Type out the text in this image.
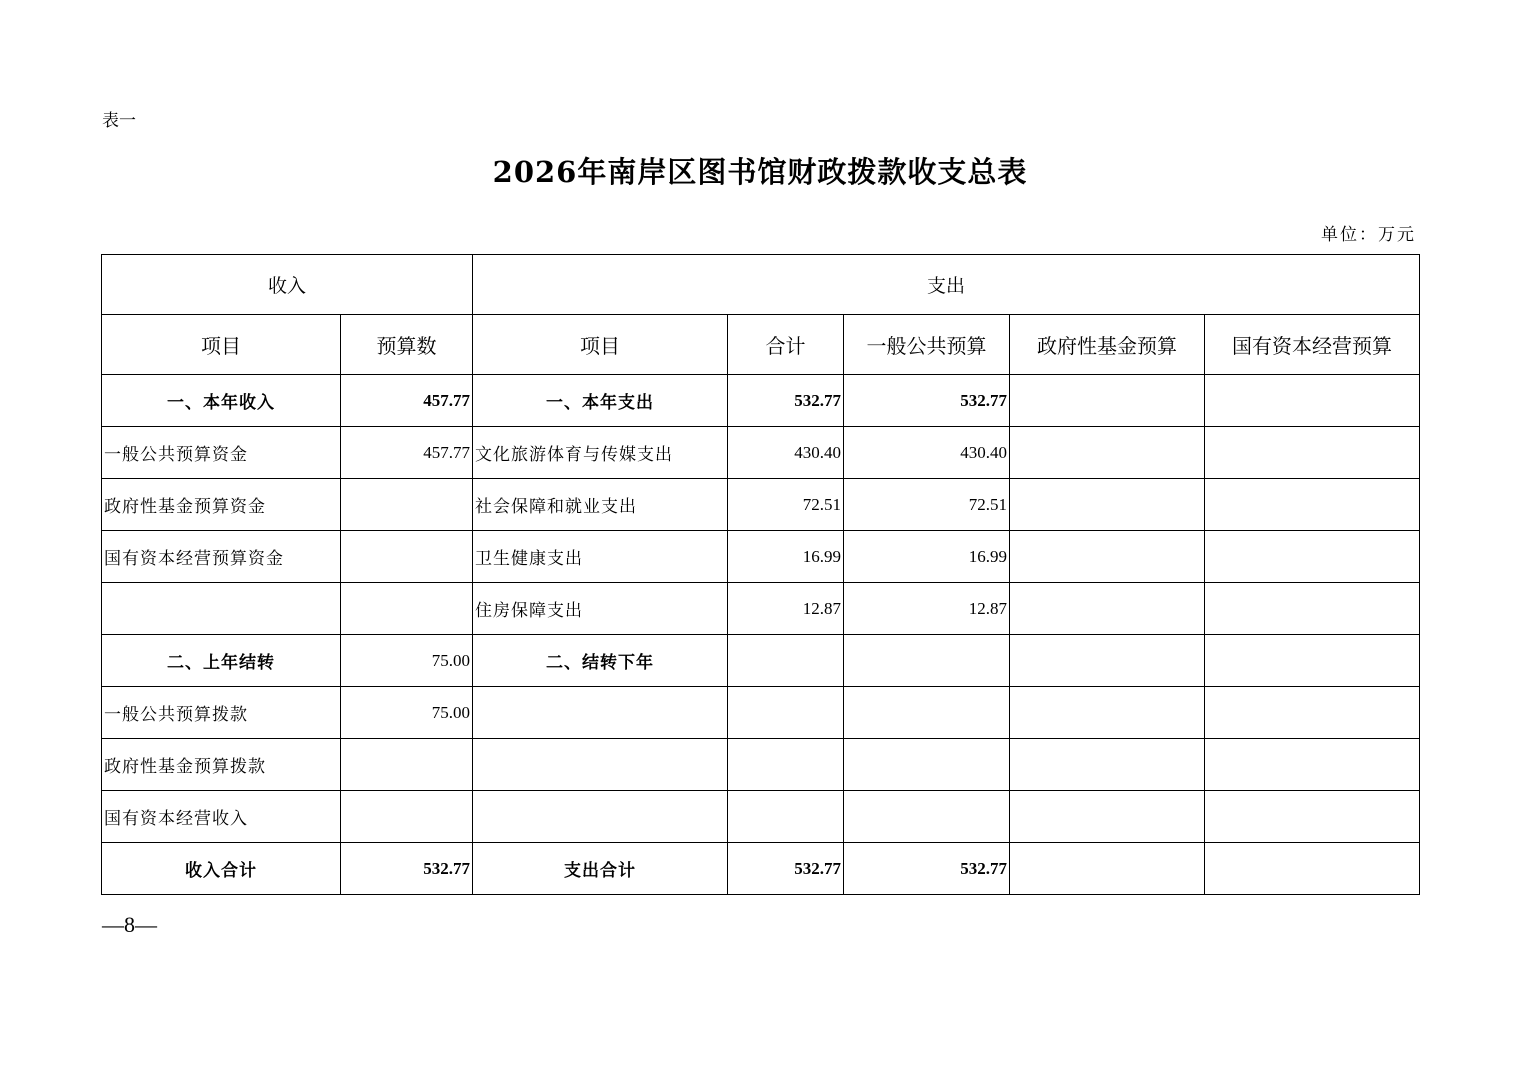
表一
2026年南岸区图书馆财政拨款收支总表
单位：万元
收入		支出				
项目	预算数	项目	合计	一般公共预算	政府性基金预算	国有资本经营预算
一、本年收入	457.77	一、本年支出	532.77	532.77		
一般公共预算资金	457.77	文化旅游体育与传媒支出	430.40	430.40		
政府性基金预算资金		社会保障和就业支出	72.51	72.51		
国有资本经营预算资金		卫生健康支出	16.99	16.99		
		住房保障支出	12.87	12.87		
二、上年结转	75.00	二、结转下年				
一般公共预算拨款	75.00					
政府性基金预算拨款						
国有资本经营收入						
收入合计	532.77	支出合计	532.77	532.77		
—8—
